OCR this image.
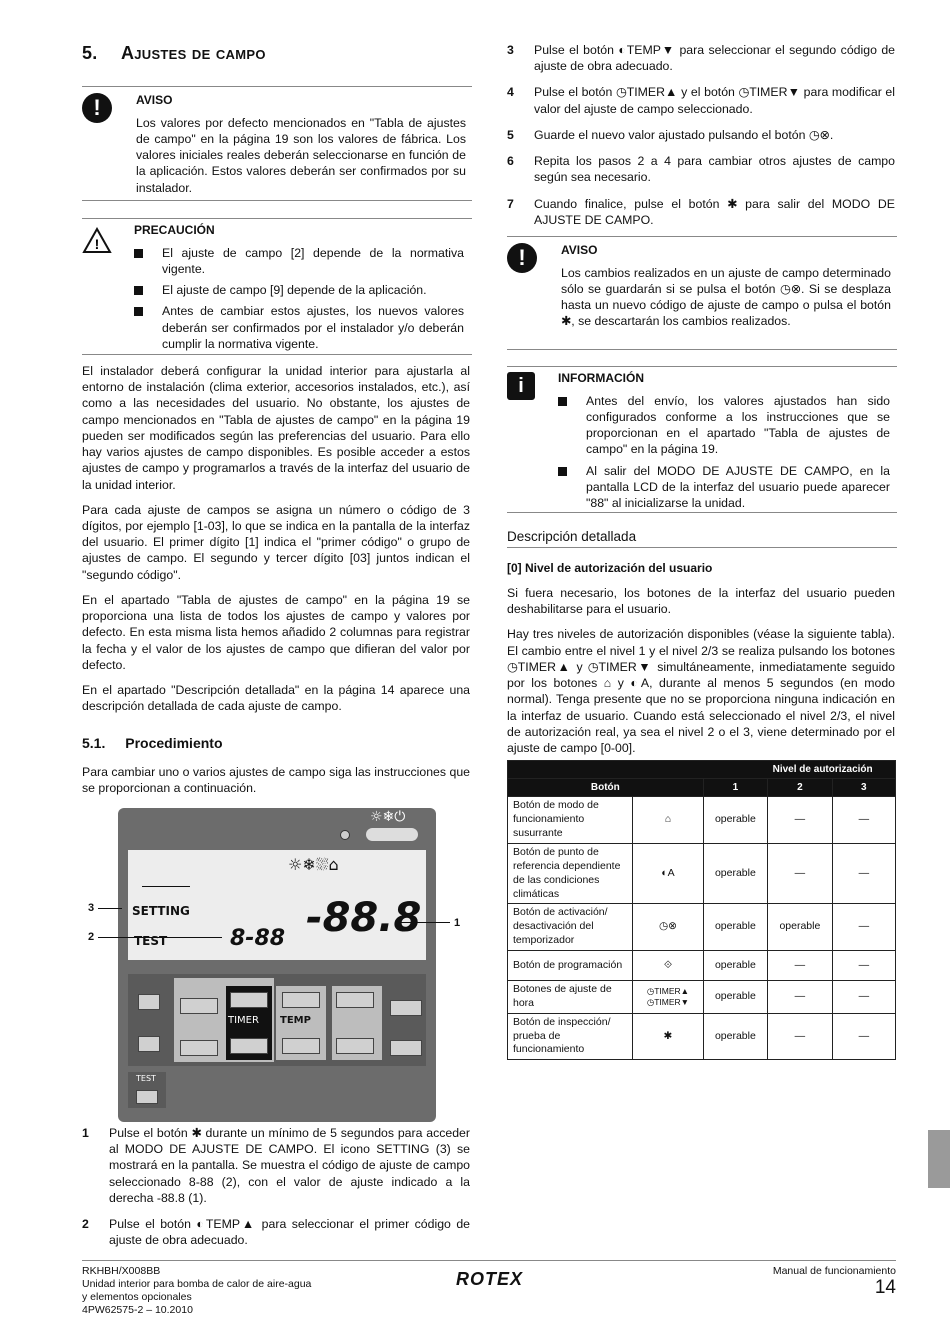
5. Ajustes de campo
!	AVISO

Los valores por defecto mencionados en "Tabla de ajustes de campo" en la página 19 son los valores de fábrica. Los valores iniciales reales deberán seleccionarse en función de la aplicación. Estos valores deberán ser confirmados por su instalador.

!
PRECAUCIÓN
El ajuste de campo [2] depende de la normativa vigente.
El ajuste de campo [9] depende de la aplicación.
Antes de cambiar estos ajustes, los nuevos valores deberán ser confirmados por el instalador y/o deberán cumplir la normativa vigente.

El instalador deberá configurar la unidad interior para ajustarla al entorno de instalación (clima exterior, accesorios instalados, etc.), así como a las necesidades del usuario. No obstante, los ajustes de campo mencionados en "Tabla de ajustes de campo" en la página 19 pueden ser modificados según las preferencias del usuario. Para ello hay varios ajustes de campo disponibles. Es posible acceder a estos ajustes de campo y programarlos a través de la interfaz del usuario de la unidad interior.

Para cada ajuste de campos se asigna un número o código de 3 dígitos, por ejemplo [1-03], lo que se indica en la pantalla de la interfaz del usuario. El primer dígito [1] indica el "primer código" o grupo de ajustes de campo. El segundo y tercer dígito [03] juntos indican el "segundo código".

En el apartado "Tabla de ajustes de campo" en la página 19 se proporciona una lista de todos los ajustes de campo y valores por defecto. En esta misma lista hemos añadido 2 columnas para registrar la fecha y el valor de los ajustes de campo que difieran del valor por defecto.

En el apartado "Descripción detallada" en la página 14 aparece una descripción detallada de cada ajuste de campo.

5.1. Procedimiento

Para cambiar uno o varios ajustes de campo siga las instrucciones que se proporcionan a continuación.

☼❄⏻
☼❄⛆⌂
SETTING
TEST	8-88 -88.8
TIMER TEMP
TEST
3
2
1
1 Pulse el botón ✱ durante un mínimo de 5 segundos para acceder al MODO DE AJUSTE DE CAMPO. El icono SETTING (3) se mostrará en la pantalla. Se muestra el código de ajuste de campo seleccionado 8-88 (2), con el valor de ajuste indicado a la derecha -88.8 (1).
2 Pulse el botón ◐TEMP▲ para seleccionar el primer código de ajuste de obra adecuado.
3 Pulse el botón ◐TEMP▼ para seleccionar el segundo código de ajuste de obra adecuado.
4 Pulse el botón ◷TIMER▲ y el botón ◷TIMER▼ para modificar el valor del ajuste de campo seleccionado.
5 Guarde el nuevo valor ajustado pulsando el botón ◷⊗.
6 Repita los pasos 2 a 4 para cambiar otros ajustes de campo según sea necesario.
7 Cuando finalice, pulse el botón ✱ para salir del MODO DE AJUSTE DE CAMPO.
!	AVISO

Los cambios realizados en un ajuste de campo determinado sólo se guardarán si se pulsa el botón ◷⊗. Si se desplaza hasta un nuevo código de ajuste de campo o pulsa el botón ✱, se descartarán los cambios realizados.

i	INFORMACIÓN
Antes del envío, los valores ajustados han sido configurados conforme a los instrucciones que se proporcionan en el apartado "Tabla de ajustes de campo" en la página 19.
Al salir del MODO DE AJUSTE DE CAMPO, en la pantalla LCD de la interfaz del usuario puede aparecer "88" al inicializarse la unidad.
Descripción detallada
[0] Nivel de autorización del usuario

Si fuera necesario, los botones de la interfaz del usuario pueden deshabilitarse para el usuario.

Hay tres niveles de autorización disponibles (véase la siguiente tabla). El cambio entre el nivel 1 y el nivel 2/3 se realiza pulsando los botones ◷TIMER▲ y ◷TIMER▼ simultáneamente, inmediatamente seguido por los botones ⌂ y ◐A, durante al menos 5 segundos (en modo normal). Tenga presente que no se proporciona ninguna indicación en la interfaz de usuario. Cuando está seleccionado el nivel 2/3, el nivel de autorización real, ya sea el nivel 2 o el 3, viene determinado por el ajuste de campo [0-00].

			Nivel de autorización	
Botón		1	2	3
Botón de modo de funcionamiento susurrante	⌂	operable	—	—
Botón de punto de referencia dependiente de las condiciones climáticas	◐A	operable	—	—
Botón de activación/ desactivación del temporizador	◷⊗	operable	operable	—
Botón de programación	⟐	operable	—	—
Botones de ajuste de hora	◷TIMER▲ ◷TIMER▼	operable	—	—
Botón de inspección/ prueba de funcionamiento	✱	operable	—	—
RKHBH/X008BB
Unidad interior para bomba de calor de aire-agua
y elementos opcionales
4PW62575-2 – 10.2010
ROTEX	Manual de funcionamiento
14
